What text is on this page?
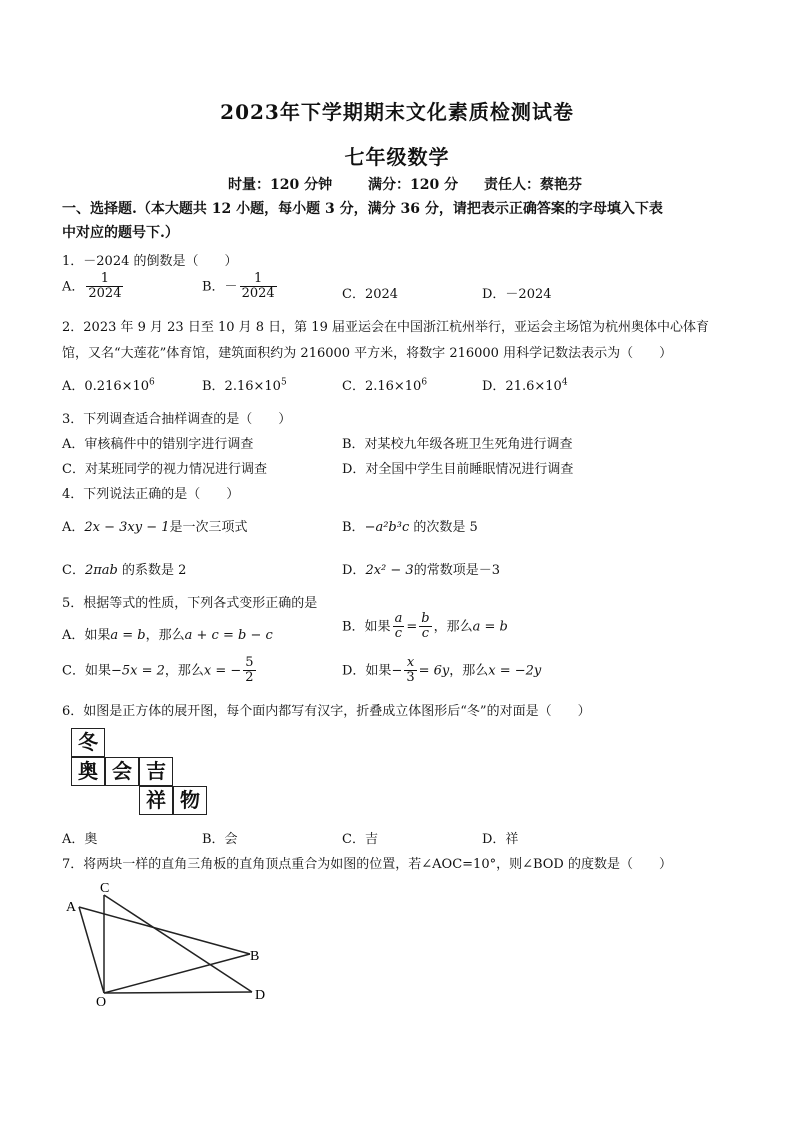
2023年下学期期末文化素质检测试卷
七年级数学
时量：120 分钟	满分：120 分 责任人：蔡艳芬
一、选择题.（本大题共 12 小题，每小题 3 分，满分 36 分，请把表示正确答案的字母填入下表
中对应的题号下.）
1．－2024 的倒数是（　　）
A． $\frac{1}{2024}$	B．－ $\frac{1}{2024}$	C．2024	D．－2024
2．2023 年 9 月 23 日至 10 月 8 日，第 19 届亚运会在中国浙江杭州举行，亚运会主场馆为杭州奥体中心体育
馆，又名“大莲花”体育馆，建筑面积约为 216000 平方米，将数字 216000 用科学记数法表示为（　　）
A．$0.216\times 10^6$	B．$2.16\times 10^5$	C．$2.16\times 10^6$	D．$21.6\times 10^4$
3．下列调查适合抽样调查的是（　　）
A．审核稿件中的错别字进行调查	B．对某校九年级各班卫生死角进行调查
C．对某班同学的视力情况进行调查	D．对全国中学生目前睡眠情况进行调查
4．下列说法正确的是（　　）
A．2x − 3xy − 1是一次三项式	B．−a²b³c 的次数是 5
C．2πab 的系数是 2	D．2x² − 3的常数项是－3
5．根据等式的性质，下列各式变形正确的是
A．如果a = b，那么a + c = b − c
B．如果 $\frac{a}{c} = \frac{b}{c}$ ，那么a = b
C．如果−5x = 2，那么x = − $\frac{5}{2}$	D．如果− $\frac{x}{3} = 6y$，那么x = −2y
6．如图是正方体的展开图，每个面内都写有汉字，折叠成立体图形后“冬”的对面是（　　）
冬
奥 会 吉
祥 物
A．奥	B．会	C．吉	D．祥
7．将两块一样的直角三角板的直角顶点重合为如图的位置，若∠AOC=10°，则∠BOD 的度数是（　　）
A
C
B
O	D
